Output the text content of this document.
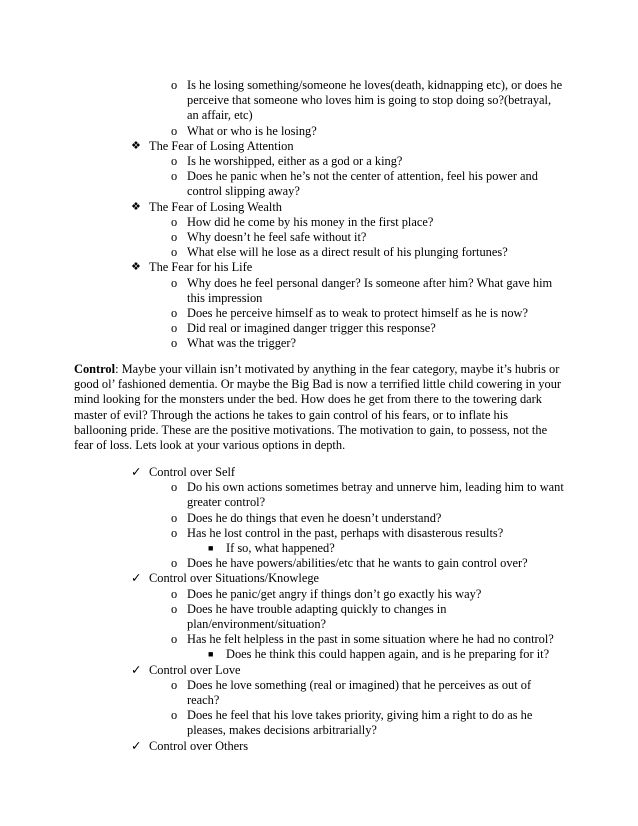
o Is he losing something/someone he loves(death, kidnapping etc), or does he perceive that someone who loves him is going to stop doing so?(betrayal, an affair, etc)
o What or who is he losing?
❖ The Fear of Losing Attention
o Is he worshipped, either as a god or a king?
o Does he panic when he’s not the center of attention, feel his power and control slipping away?
❖ The Fear of Losing Wealth
o How did he come by his money in the first place?
o Why doesn’t he feel safe without it?
o What else will he lose as a direct result of his plunging fortunes?
❖ The Fear for his Life
o Why does he feel personal danger? Is someone after him? What gave him this impression
o Does he perceive himself as to weak to protect himself as he is now?
o Did real or imagined danger trigger this response?
o What was the trigger?
Control: Maybe your villain isn’t motivated by anything in the fear category, maybe it’s hubris or good ol’ fashioned dementia. Or maybe the Big Bad is now a terrified little child cowering in your mind looking for the monsters under the bed. How does he get from there to the towering dark master of evil? Through the actions he takes to gain control of his fears, or to inflate his ballooning pride. These are the positive motivations. The motivation to gain, to possess, not the fear of loss. Lets look at your various options in depth.
✓ Control over Self
o Do his own actions sometimes betray and unnerve him, leading him to want greater control?
o Does he do things that even he doesn’t understand?
o Has he lost control in the past, perhaps with disasterous results?
■ If so, what happened?
o Does he have powers/abilities/etc that he wants to gain control over?
✓ Control over Situations/Knowlege
o Does he panic/get angry if things don’t go exactly his way?
o Does he have trouble adapting quickly to changes in plan/environment/situation?
o Has he felt helpless in the past in some situation where he had no control?
■ Does he think this could happen again, and is he preparing for it?
✓ Control over Love
o Does he love something (real or imagined) that he perceives as out of reach?
o Does he feel that his love takes priority, giving him a right to do as he pleases, makes decisions arbitrarially?
✓ Control over Others
